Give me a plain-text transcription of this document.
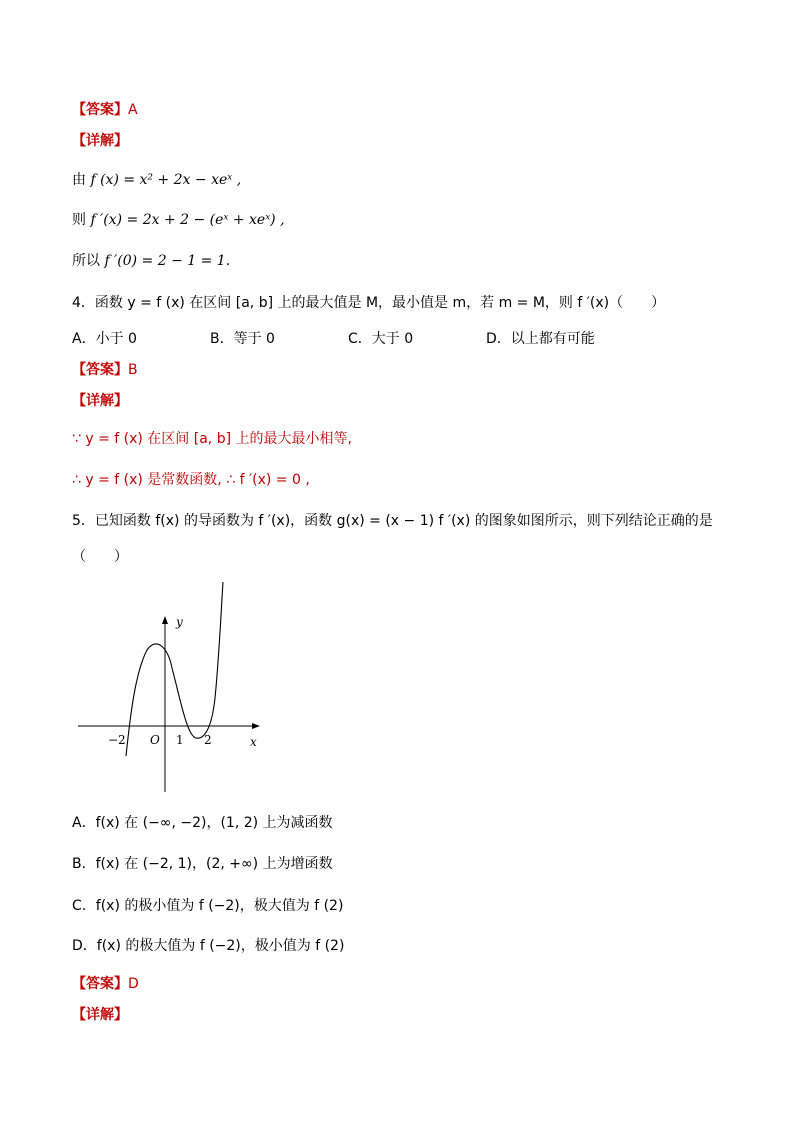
【答案】A
【详解】
由 f (x) = x² + 2x − xeˣ ,
则 f ′(x) = 2x + 2 − (eˣ + xeˣ) ,
所以 f ′(0) = 2 − 1 = 1.
4．函数 y = f (x) 在区间 [a, b] 上的最大值是 M，最小值是 m，若 m = M，则 f ′(x)（　　）
A．小于 0	B．等于 0	C．大于 0	D．以上都有可能
【答案】B
【详解】
∵ y = f (x) 在区间 [a, b] 上的最大最小相等,
∴ y = f (x) 是常数函数, ∴ f ′(x) = 0 ,
5．已知函数 f(x) 的导函数为 f ′(x)，函数 g(x) = (x − 1) f ′(x) 的图象如图所示，则下列结论正确的是
（　　）
y
x
O
−2	1 2
A．f(x) 在 (−∞, −2)，(1, 2) 上为减函数
B．f(x) 在 (−2, 1)，(2, +∞) 上为增函数
C．f(x) 的极小值为 f (−2)，极大值为 f (2)
D．f(x) 的极大值为 f (−2)，极小值为 f (2)
【答案】D
【详解】
